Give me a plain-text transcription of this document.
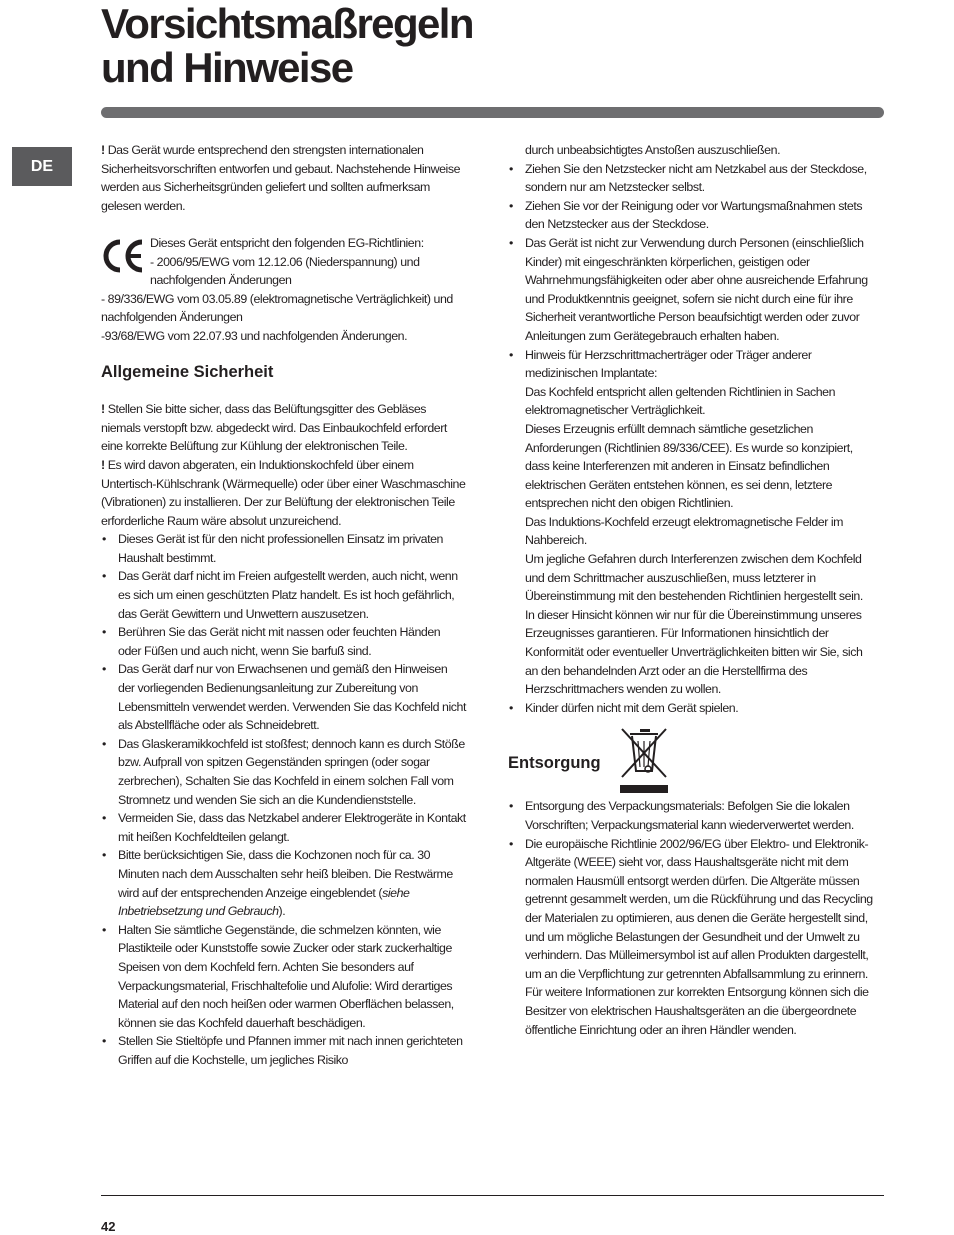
Vorsichtsmaßregeln
und Hinweise
DE

! Das Gerät wurde entsprechend den strengsten internationalen Sicherheitsvorschriften entworfen und gebaut. Nachstehende Hinweise werden aus Sicherheitsgründen geliefert und sollten aufmerksam gelesen werden.

Dieses Gerät entspricht den folgenden EG-Richtlinien:

- 2006/95/EWG vom 12.12.06 (Niederspannung) und nachfolgenden Änderungen

- 89/336/EWG vom 03.05.89 (elektromagnetische Verträglichkeit) und nachfolgenden Änderungen

-93/68/EWG vom 22.07.93 und nachfolgenden Änderungen.

Allgemeine Sicherheit

! Stellen Sie bitte sicher, dass das Belüftungsgitter des Gebläses niemals verstopft bzw. abgedeckt wird. Das Einbaukochfeld erfordert eine korrekte Belüftung zur Kühlung der elektronischen Teile.

! Es wird davon abgeraten, ein Induktionskochfeld über einem Untertisch-Kühlschrank (Wärmequelle) oder über einer Waschmaschine (Vibrationen) zu installieren. Der zur Belüftung der elektronischen Teile erforderliche Raum wäre absolut unzureichend.

• Dieses Gerät ist für den nicht professionellen Einsatz im privaten Haushalt bestimmt.
• Das Gerät darf nicht im Freien aufgestellt werden, auch nicht, wenn es sich um einen geschützten Platz handelt. Es ist hoch gefährlich, das Gerät Gewittern und Unwettern auszusetzen.
• Berühren Sie das Gerät nicht mit nassen oder feuchten Händen oder Füßen und auch nicht, wenn Sie barfuß sind.
• Das Gerät darf nur von Erwachsenen und gemäß den Hinweisen der vorliegenden Bedienungsanleitung zur Zubereitung von Lebensmitteln verwendet werden. Verwenden Sie das Kochfeld nicht als Abstellfläche oder als Schneidebrett.
• Das Glaskeramikkochfeld ist stoßfest; dennoch kann es durch Stöße bzw. Aufprall von spitzen Gegenständen springen (oder sogar zerbrechen), Schalten Sie das Kochfeld in einem solchen Fall vom Stromnetz und wenden Sie sich an die Kundendienststelle.
• Vermeiden Sie, dass das Netzkabel anderer Elektrogeräte in Kontakt mit heißen Kochfeldteilen gelangt.
• Bitte berücksichtigen Sie, dass die Kochzonen noch für ca. 30 Minuten nach dem Ausschalten sehr heiß bleiben. Die Restwärme wird auf der entsprechenden Anzeige eingeblendet (siehe Inbetriebsetzung und Gebrauch).
• Halten Sie sämtliche Gegenstände, die schmelzen könnten, wie Plastikteile oder Kunststoffe sowie Zucker oder stark zuckerhaltige Speisen von dem Kochfeld fern. Achten Sie besonders auf Verpackungsmaterial, Frischhaltefolie und Alufolie: Wird derartiges Material auf den noch heißen oder warmen Oberflächen belassen, können sie das Kochfeld dauerhaft beschädigen.
• Stellen Sie Stieltöpfe und Pfannen immer mit nach innen gerichteten Griffen auf die Kochstelle, um jegliches Risiko

durch unbeabsichtigtes Anstoßen auszuschließen.

• Ziehen Sie den Netzstecker nicht am Netzkabel aus der Steckdose, sondern nur am Netzstecker selbst.
• Ziehen Sie vor der Reinigung oder vor Wartungsmaßnahmen stets den Netzstecker aus der Steckdose.
• Das Gerät ist nicht zur Verwendung durch Personen (einschließlich Kinder) mit eingeschränkten körperlichen, geistigen oder Wahrnehmungsfähigkeiten oder aber ohne ausreichende Erfahrung und Produktkenntnis geeignet, sofern sie nicht durch eine für ihre Sicherheit verantwortliche Person beaufsichtigt werden oder zuvor Anleitungen zum Gerätegebrauch erhalten haben.

• Hinweis für Herzschrittmacherträger oder Träger anderer medizinischen Implantate:

Das Kochfeld entspricht allen geltenden Richtlinien in Sachen elektromagnetischer Verträglichkeit.

Dieses Erzeugnis erfüllt demnach sämtliche gesetzlichen Anforderungen (Richtlinien 89/336/CEE). Es wurde so konzipiert, dass keine Interferenzen mit anderen in Einsatz befindlichen elektrischen Geräten entstehen können, es sei denn, letztere entsprechen nicht den obigen Richtlinien.

Das Induktions-Kochfeld erzeugt elektromagnetische Felder im Nahbereich.

Um jegliche Gefahren durch Interferenzen zwischen dem Kochfeld und dem Schrittmacher auszuschließen, muss letzterer in Übereinstimmung mit den bestehenden Richtlinien hergestellt sein.

In dieser Hinsicht können wir nur für die Übereinstimmung unseres Erzeugnisses garantieren. Für Informationen hinsichtlich der Konformität oder eventueller Unverträglichkeiten bitten wir Sie, sich an den behandelnden Arzt oder an die Herstellfirma des Herzschrittmachers wenden zu wollen.

• Kinder dürfen nicht mit dem Gerät spielen.
Entsorgung
• Entsorgung des Verpackungsmaterials: Befolgen Sie die lokalen Vorschriften; Verpackungsmaterial kann wiederverwertet werden.

• Die europäische Richtlinie 2002/96/EG über Elektro- und Elektronik-Altgeräte (WEEE) sieht vor, dass Haushaltsgeräte nicht mit dem normalen Hausmüll entsorgt werden dürfen. Die Altgeräte müssen getrennt gesammelt werden, um die Rückführung und das Recycling der Materialen zu optimieren, aus denen die Geräte hergestellt sind, und um mögliche Belastungen der Gesundheit und der Umwelt zu verhindern. Das Mülleimersymbol ist auf allen Produkten dargestellt, um an die Verpflichtung zur getrennten Abfallsammlung zu erinnern.

Für weitere Informationen zur korrekten Entsorgung können sich die Besitzer von elektrischen Haushaltsgeräten an die übergeordnete öffentliche Einrichtung oder an ihren Händler wenden.

42
